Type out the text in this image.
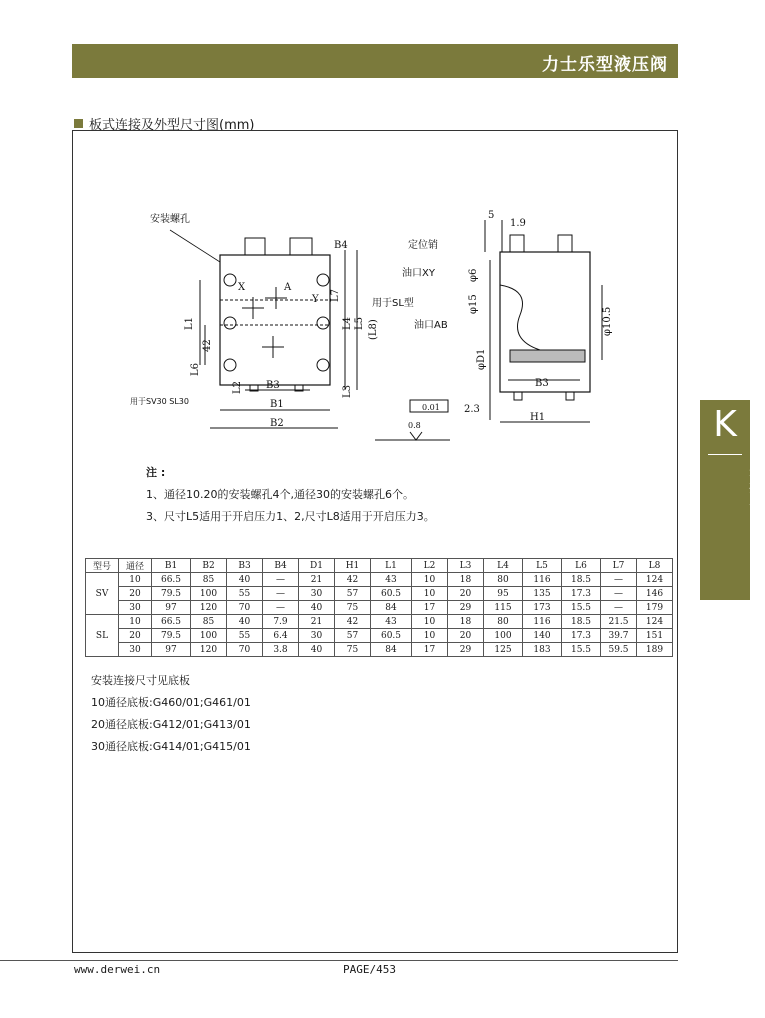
力士乐型液压阀
板式连接及外型尺寸图(mm)
安装螺孔
X	A
Y
B4
L7
L4 L5 (L8)
L1
42
L6
L2 B3	L3
B1
B2
用于SV30 SL30
用于SL型
定位销
油口XY
油口AB
5
1.9
φ6
φ15
φ10.5
φD1
B3
2.3
H1
0.01
0.8
注 :
1、通径10.20的安装螺孔4个,通径30的安装螺孔6个。
3、尺寸L5适用于开启压力1、2,尺寸L8适用于开启压力3。
型号	通径	B1	B2	B3	B4	D1	H1	L1	L2	L3	L4	L5	L6	L7	L8
SV	10	66.5	85	40	—	21	42	43	10	18	80	116	18.5	—	124
	20	79.5	100	55	—	30	57	60.5	10	20	95	135	17.3	—	146
	30	97	120	70	—	40	75	84	17	29	115	173	15.5	—	179
SL	10	66.5	85	40	7.9	21	42	43	10	18	80	116	18.5	21.5	124
	20	79.5	100	55	6.4	30	57	60.5	10	20	100	140	17.3	39.7	151
	30	97	120	70	3.8	40	75	84	17	29	125	183	15.5	59.5	189
安装连接尺寸见底板
10通径底板:G460/01;G461/01
20通径底板:G412/01;G413/01
30通径底板:G414/01;G415/01
K
液控单向阀
www.derwei.cn	PAGE/453
